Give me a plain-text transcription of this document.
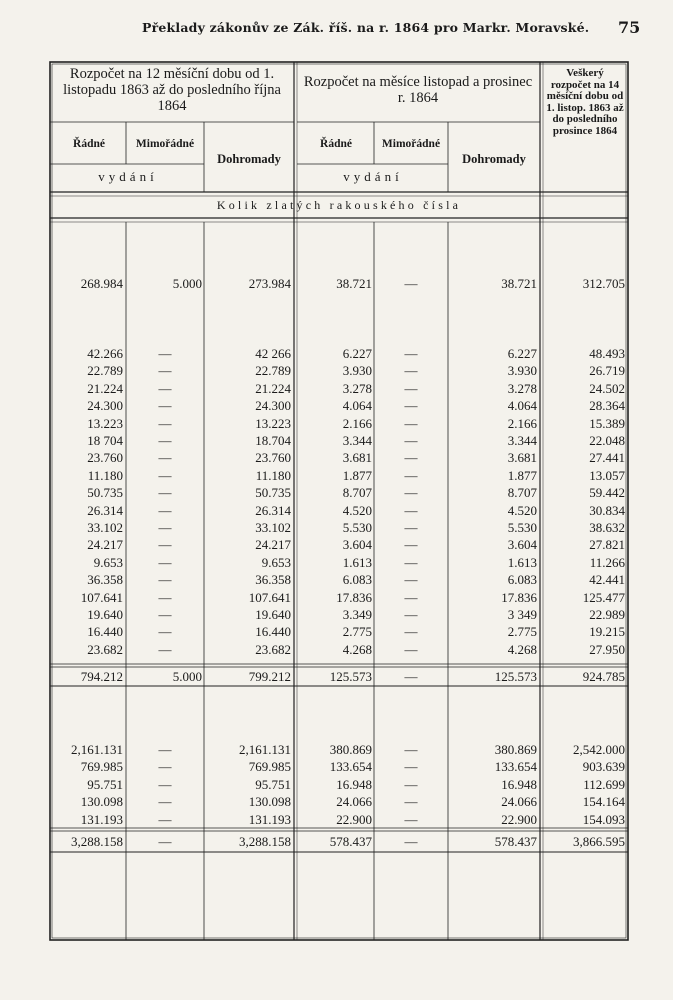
Překlady zákonův ze Zák. říš. na r. 1864 pro Markr. Moravské. 75
Rozpočet na 12 měsíční dobu od 1. listopadu 1863 až do posledního října 1864
Rozpočet na měsíce listopad a prosinec r. 1864
Veškerý rozpočet na 14 měsíční dobu od 1. listop. 1863 až do posledního prosince 1864
Řádné	Mimořádné
Dohromady
vydání
Řádné	Mimořádné
Dohromady
vydání
Kolik zlatých rakouského čísla
268.984
42.266
22.789
21.224
24.300
13.223
18 704
23.760
11.180
50.735
26.314
33.102
24.217
9.653
36.358
107.641
19.640
16.440
23.682
794.212
2,161.131
769.985
95.751
130.098
131.193
3,288.158
5.000
—
—
—
—
—
—
—
—
—
—
—
—
—
—
—
—
—
—
5.000
—
—
—
—
—
—
273.984
42 266
22.789
21.224
24.300
13.223
18.704
23.760
11.180
50.735
26.314
33.102
24.217
9.653
36.358
107.641
19.640
16.440
23.682
799.212
2,161.131
769.985
95.751
130.098
131.193
3,288.158
38.721
6.227
3.930
3.278
4.064
2.166
3.344
3.681
1.877
8.707
4.520
5.530
3.604
1.613
6.083
17.836
3.349
2.775
4.268
125.573
380.869
133.654
16.948
24.066
22.900
578.437
—
—
—
—
—
—
—
—
—
—
—
—
—
—
—
—
—
—
—
—
—
—
—
—
—
—
38.721
6.227
3.930
3.278
4.064
2.166
3.344
3.681
1.877
8.707
4.520
5.530
3.604
1.613
6.083
17.836
3 349
2.775
4.268
125.573
380.869
133.654
16.948
24.066
22.900
578.437
312.705
48.493
26.719
24.502
28.364
15.389
22.048
27.441
13.057
59.442
30.834
38.632
27.821
11.266
42.441
125.477
22.989
19.215
27.950
924.785
2,542.000
903.639
112.699
154.164
154.093
3,866.595
